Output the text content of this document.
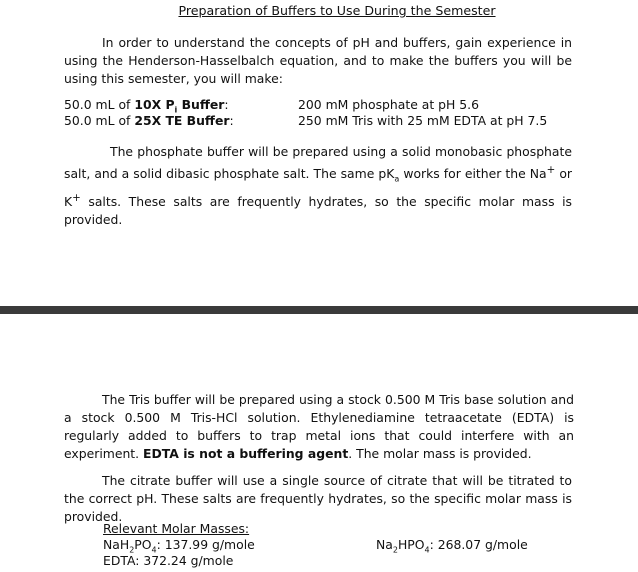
Preparation of Buffers to Use During the Semester

In order to understand the concepts of pH and buffers, gain experience in using the Henderson-Hasselbalch equation, and to make the buffers you will be using this semester, you will make:

50.0 mL of 10X $P_i$ Buffer:	200 mM phosphate at pH 5.6
50.0 mL of 25X TE Buffer:	250 mM Tris with 25 mM EDTA at pH 7.5

The phosphate buffer will be prepared using a solid monobasic phosphate salt, and a solid dibasic phosphate salt. The same $pK_a$ works for either the Na+ or K+ salts. These salts are frequently hydrates, so the specific molar mass is provided.

The Tris buffer will be prepared using a stock 0.500 M Tris base solution and a stock 0.500 M Tris-HCl solution. Ethylenediamine tetraacetate (EDTA) is regularly added to buffers to trap metal ions that could interfere with an experiment. EDTA is not a buffering agent. The molar mass is provided.

The citrate buffer will use a single source of citrate that will be titrated to the correct pH. These salts are frequently hydrates, so the specific molar mass is provided.

Relevant Molar Masses:
$NaH_2PO_4$: 137.99 g/mole	$Na_2HPO_4$: 268.07 g/mole
EDTA: 372.24 g/mole
